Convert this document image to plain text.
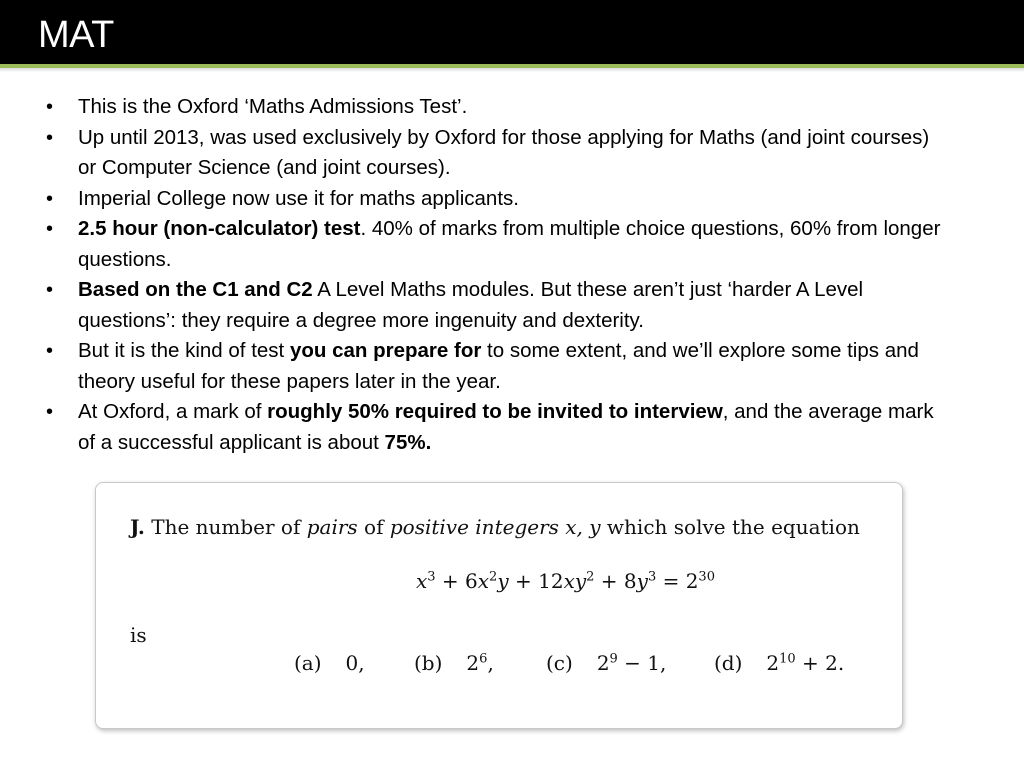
MAT
• This is the Oxford ‘Maths Admissions Test’.
• Up until 2013, was used exclusively by Oxford for those applying for Maths (and joint courses) or Computer Science (and joint courses).
• Imperial College now use it for maths applicants.
• 2.5 hour (non-calculator) test. 40% of marks from multiple choice questions, 60% from longer questions.
• Based on the C1 and C2 A Level Maths modules. But these aren’t just ‘harder A Level questions’: they require a degree more ingenuity and dexterity.
• But it is the kind of test you can prepare for to some extent, and we’ll explore some tips and theory useful for these papers later in the year.
• At Oxford, a mark of roughly 50% required to be invited to interview, and the average mark of a successful applicant is about 75%.
J. The number of pairs of positive integers x, y which solve the equation
$x^3 + 6x^2y + 12xy^2 + 8y^3 = 2^{30}$
is
(a) 0, (b) $2^6$,	(c) $2^9 - 1$, (d) $2^{10} + 2$.
